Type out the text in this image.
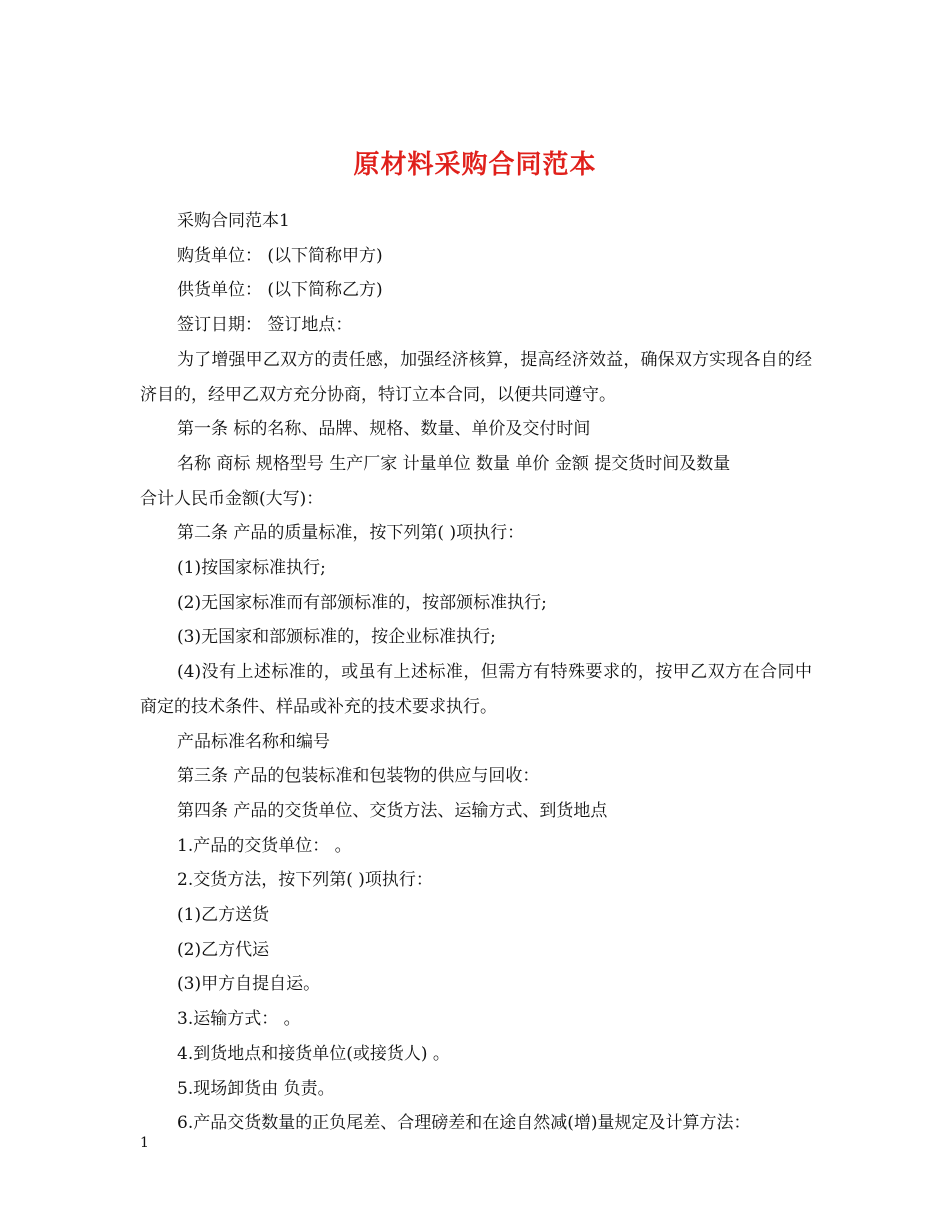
原材料采购合同范本

采购合同范本1

购货单位： (以下简称甲方)

供货单位： (以下简称乙方)

签订日期： 签订地点：

为了增强甲乙双方的责任感，加强经济核算，提高经济效益，确保双方实现各自的经济目的，经甲乙双方充分协商，特订立本合同，以便共同遵守。

第一条 标的名称、品牌、规格、数量、单价及交付时间

名称 商标 规格型号 生产厂家 计量单位 数量 单价 金额 提交货时间及数量

合计人民币金额(大写)：

第二条 产品的质量标准，按下列第( )项执行：

(1)按国家标准执行;

(2)无国家标准而有部颁标准的，按部颁标准执行;

(3)无国家和部颁标准的，按企业标准执行;

(4)没有上述标准的，或虽有上述标准，但需方有特殊要求的，按甲乙双方在合同中商定的技术条件、样品或补充的技术要求执行。

产品标准名称和编号

第三条 产品的包装标准和包装物的供应与回收：

第四条 产品的交货单位、交货方法、运输方式、到货地点

1.产品的交货单位： 。

2.交货方法，按下列第( )项执行：

(1)乙方送货

(2)乙方代运

(3)甲方自提自运。

3.运输方式： 。

4.到货地点和接货单位(或接货人) 。

5.现场卸货由 负责。

6.产品交货数量的正负尾差、合理磅差和在途自然减(增)量规定及计算方法：

1
